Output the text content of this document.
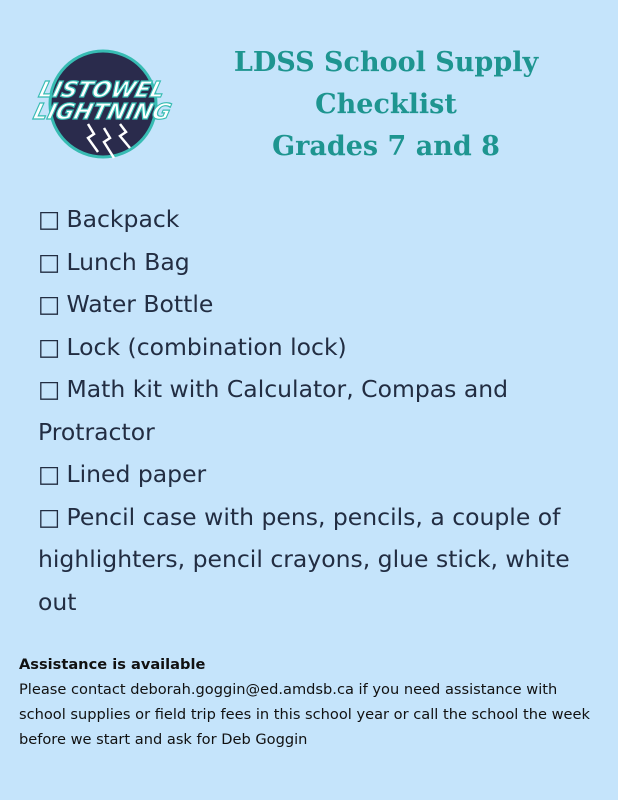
LISTOWEL
LIGHTNING
LDSS School Supply
Checklist
Grades 7 and 8
□ Backpack
□ Lunch Bag
□ Water Bottle
□ Lock (combination lock)
□ Math kit with Calculator, Compas and Protractor
□ Lined paper
□ Pencil case with pens, pencils, a couple of highlighters, pencil crayons, glue stick, white out
Assistance is available
Please contact deborah.goggin@ed.amdsb.ca if you need assistance with school supplies or field trip fees in this school year or call the school the week before we start and ask for Deb Goggin
